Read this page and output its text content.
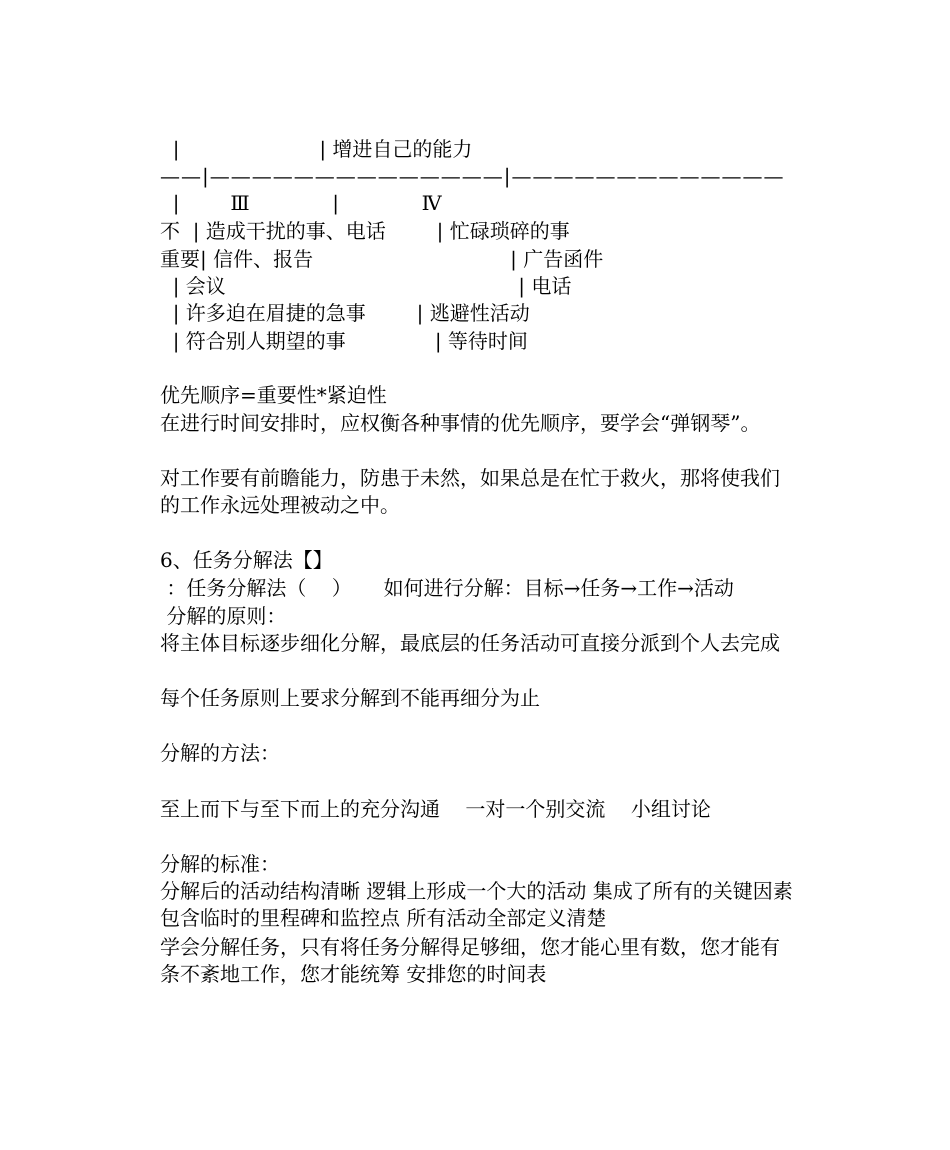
|                      | 增进自己的能力
——|——————————————|—————————————
|        Ⅲ             |             Ⅳ
不  | 造成干扰的事、电话        | 忙碌琐碎的事
重要| 信件、报告                               | 广告函件
| 会议                                              | 电话
| 许多迫在眉捷的急事        | 逃避性活动
| 符合别人期望的事              | 等待时间
优先顺序=重要性*紧迫性
在进行时间安排时，应权衡各种事情的优先顺序，要学会“弹钢琴”。
对工作要有前瞻能力，防患于未然，如果总是在忙于救火，那将使我们的工作永远处理被动之中。
6、任务分解法【】
：任务分解法（    ）     如何进行分解：目标→任务→工作→活动
分解的原则：
将主体目标逐步细化分解，最底层的任务活动可直接分派到个人去完成
每个任务原则上要求分解到不能再细分为止
分解的方法：
至上而下与至下而上的充分沟通    一对一个别交流    小组讨论
分解的标准：
分解后的活动结构清晰 逻辑上形成一个大的活动 集成了所有的关键因素包含临时的里程碑和监控点 所有活动全部定义清楚
学会分解任务，只有将任务分解得足够细，您才能心里有数，您才能有条不紊地工作，您才能统筹 安排您的时间表
